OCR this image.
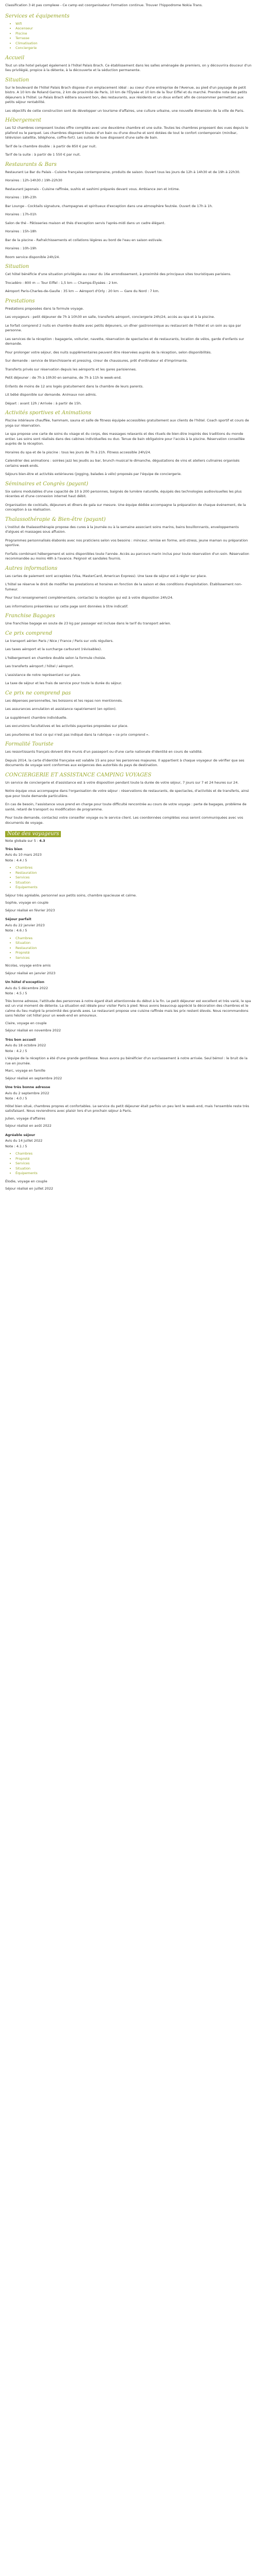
Classification 3 ét pas complexe - Ce camp est coorganisateur Formation continue. Trouver l'hippodrome Nokia Trans.

Services et équipements
• Wifi
• Ascenseur
• Piscine
• Terrasse
• Climatisation
• Conciergerie
Accueil

Tout un site hotel peluget également à l'hôtel Palais Brach. Ce établissement dans les salles aménagée de premiers, on y découvrira douceur d'un lieu privilégié, propice à la détente, à la découverte et la séduction permanente.

Situation

Sur le boulevard de l'hôtel Palais Brach dispose d'un emplacement idéal : au coeur d'une entreprise de l'Avenue, au pied d'un paysage de petit bistro. A 10 km de Roland Garros, 2 km de proximité de Paris, 10 km de l'Élysée et 10 km de la Tour Eiffel et du marché. Prendre note des petits déjeuners à l'hôtel. Le Palais Brach éditera souvent bon, des restaurants, aux résidents et un doux enfant afin de consommer permettant aux petits séjour rentabilité.

Les objectifs de cette construction sont de développer un tourisme d'affaires, une culture urbaine, une nouvelle dimension de la ville de Paris.

Hébergement

Les 52 chambres composent toutes offre complète avec une deuxième chambre et une suite. Toutes les chambres proposent des vues depuis le plafond ou le parquet. Les chambres disposent toutes d'un bain ou d'une douche et sont dotées de tout le confort contemporain (minibar, télévision satellite, téléphone, coffre-fort). Les suites de luxe disposent d'une salle de bain.

Tarif de la chambre double : à partir de 850 € par nuit.

Tarif de la suite : à partir de 1 550 € par nuit.

Restaurants & Bars

Restaurant Le Bar du Palais - Cuisine française contemporaine, produits de saison. Ouvert tous les jours de 12h à 14h30 et de 19h à 22h30.

Horaires : 12h-14h30 / 19h-22h30

Restaurant Japonais - Cuisine raffinée, sushis et sashimi préparés devant vous. Ambiance zen et intime.

Horaires : 19h-23h

Bar Lounge - Cocktails signature, champagnes et spiritueux d'exception dans une atmosphère feutrée. Ouvert de 17h à 1h.

Horaires : 17h-01h

Salon de thé - Pâtisseries maison et thés d'exception servis l'après-midi dans un cadre élégant.

Horaires : 15h-18h

Bar de la piscine - Rafraîchissements et collations légères au bord de l'eau en saison estivale.

Horaires : 10h-19h

Room service disponible 24h/24.

Situation

Cet hôtel bénéficie d'une situation privilégiée au coeur du 16e arrondissement, à proximité des principaux sites touristiques parisiens.

Trocadéro : 800 m — Tour Eiffel : 1,5 km — Champs-Élysées : 2 km.

Aéroport Paris-Charles-de-Gaulle : 35 km — Aéroport d'Orly : 20 km — Gare du Nord : 7 km.

Prestations

Prestations proposées dans la formule voyage.

Les voyageurs : petit déjeuner de 7h à 10h30 en salle, transferts aéroport, conciergerie 24h/24, accès au spa et à la piscine.

Le forfait comprend 2 nuits en chambre double avec petits déjeuners, un dîner gastronomique au restaurant de l'hôtel et un soin au spa par personne.

Les services de la réception : bagagerie, voiturier, navette, réservation de spectacles et de restaurants, location de vélos, garde d'enfants sur demande.

Pour prolonger votre séjour, des nuits supplémentaires peuvent être réservées auprès de la réception, selon disponibilités.

Sur demande : service de blanchisserie et pressing, cireur de chaussures, prêt d'ordinateur et d'imprimante.

Transferts privés sur réservation depuis les aéroports et les gares parisiennes.

Petit déjeuner : de 7h à 10h30 en semaine, de 7h à 11h le week-end.

Enfants de moins de 12 ans logés gratuitement dans la chambre de leurs parents.

Lit bébé disponible sur demande. Animaux non admis.

Départ : avant 12h / Arrivée : à partir de 15h.

Activités sportives et Animations

Piscine intérieure chauffée, hammam, sauna et salle de fitness équipée accessibles gratuitement aux clients de l'hôtel. Coach sportif et cours de yoga sur réservation.

Le spa propose une carte de soins du visage et du corps, des massages relaxants et des rituels de bien-être inspirés des traditions du monde entier. Les soins sont réalisés dans des cabines individuelles ou duo. Tenue de bain obligatoire pour l'accès à la piscine. Réservation conseillée auprès de la réception.

Horaires du spa et de la piscine : tous les jours de 7h à 21h. Fitness accessible 24h/24.

Calendrier des animations : soirées jazz les jeudis au bar, brunch musical le dimanche, dégustations de vins et ateliers culinaires organisés certains week-ends.

Séjours bien-être et activités extérieures (jogging, balades à vélo) proposés par l'équipe de conciergerie.

Séminaires et Congrès (payant)

Six salons modulables d'une capacité de 10 à 200 personnes, baignés de lumière naturelle, équipés des technologies audiovisuelles les plus récentes et d'une connexion internet haut débit.

Organisation de cocktails, déjeuners et dîners de gala sur mesure. Une équipe dédiée accompagne la préparation de chaque événement, de la conception à sa réalisation.

Thalassothérapie & Bien-être (payant)

L'institut de thalassothérapie propose des cures à la journée ou à la semaine associant soins marins, bains bouillonnants, enveloppements d'algues et massages sous affusion.

Programmes personnalisés élaborés avec nos praticiens selon vos besoins : minceur, remise en forme, anti-stress, jeune maman ou préparation sportive.

Forfaits combinant hébergement et soins disponibles toute l'année. Accès au parcours marin inclus pour toute réservation d'un soin. Réservation recommandée au moins 48h à l'avance. Peignoir et sandales fournis.

Autres informations

Les cartes de paiement sont acceptées (Visa, MasterCard, American Express). Une taxe de séjour est à régler sur place.

L'hôtel se réserve le droit de modifier les prestations et horaires en fonction de la saison et des conditions d'exploitation. Établissement non-fumeur.

Pour tout renseignement complémentaire, contactez la réception qui est à votre disposition 24h/24.

Les informations présentées sur cette page sont données à titre indicatif.

Franchise Bagages

Une franchise bagage en soute de 23 kg par passager est incluse dans le tarif du transport aérien.

Ce prix comprend

Le transport aérien Paris / Nice / France / Paris sur vols réguliers.

Les taxes aéroport et la surcharge carburant (révisables).

L'hébergement en chambre double selon la formule choisie.

Les transferts aéroport / hôtel / aéroport.

L'assistance de notre représentant sur place.

La taxe de séjour et les frais de service pour toute la durée du séjour.

Ce prix ne comprend pas

Les dépenses personnelles, les boissons et les repas non mentionnés.

Les assurances annulation et assistance rapatriement (en option).

Le supplément chambre individuelle.

Les excursions facultatives et les activités payantes proposées sur place.

Les pourboires et tout ce qui n'est pas indiqué dans la rubrique « ce prix comprend ».

Formalité Touriste

Les ressortissants français doivent être munis d'un passeport ou d'une carte nationale d'identité en cours de validité.

Depuis 2014, la carte d'identité française est valable 15 ans pour les personnes majeures. Il appartient à chaque voyageur de vérifier que ses documents de voyage sont conformes aux exigences des autorités du pays de destination.

CONCIERGERIE ET ASSISTANCE CAMPING VOYAGES

Un service de conciergerie et d'assistance est à votre disposition pendant toute la durée de votre séjour, 7 jours sur 7 et 24 heures sur 24.

Notre équipe vous accompagne dans l'organisation de votre séjour : réservations de restaurants, de spectacles, d'activités et de transferts, ainsi que pour toute demande particulière.

En cas de besoin, l'assistance vous prend en charge pour toute difficulté rencontrée au cours de votre voyage : perte de bagages, problème de santé, retard de transport ou modification de programme.

Pour toute demande, contactez votre conseiller voyage ou le service client. Les coordonnées complètes vous seront communiquées avec vos documents de voyage.

Note des voyageurs

Note globale sur 5 : 4.3

Très bien
Avis du 10 mars 2023
Note : 4.4 / 5
• Chambres
• Restauration
• Services
• Situation
• Équipements

Séjour très agréable, personnel aux petits soins, chambre spacieuse et calme.

Sophie, voyage en couple
Séjour réalisé en février 2023
Séjour parfait
Avis du 22 janvier 2023
Note : 4.6 / 5
• Chambres
• Situation
• Restauration
• Propreté
• Services
Nicolas, voyage entre amis
Séjour réalisé en janvier 2023
Un hôtel d'exception
Avis du 5 décembre 2022
Note : 4.5 / 5

Très bonne adresse, l'attitude des personnes à notre égard était attentionnée du début à la fin. Le petit déjeuner est excellent et très varié, le spa est un vrai moment de détente. La situation est idéale pour visiter Paris à pied. Nous avons beaucoup apprécié la décoration des chambres et le calme du lieu malgré la proximité des grands axes. Le restaurant propose une cuisine raffinée mais les prix restent élevés. Nous recommandons sans hésiter cet hôtel pour un week-end en amoureux.

Claire, voyage en couple
Séjour réalisé en novembre 2022
Très bon accueil
Avis du 18 octobre 2022
Note : 4.2 / 5

L'équipe de la réception a été d'une grande gentillesse. Nous avons pu bénéficier d'un surclassement à notre arrivée. Seul bémol : le bruit de la rue en journée.

Marc, voyage en famille
Séjour réalisé en septembre 2022
Une très bonne adresse
Avis du 2 septembre 2022
Note : 4.0 / 5

Hôtel bien situé, chambres propres et confortables. Le service du petit déjeuner était parfois un peu lent le week-end, mais l'ensemble reste très satisfaisant. Nous reviendrons avec plaisir lors d'un prochain séjour à Paris.

Julien, voyage d'affaires
Séjour réalisé en août 2022
Agréable séjour
Avis du 14 juillet 2022
Note : 4.1 / 5
• Chambres
• Propreté
• Services
• Situation
• Équipements
Élodie, voyage en couple
Séjour réalisé en juillet 2022
